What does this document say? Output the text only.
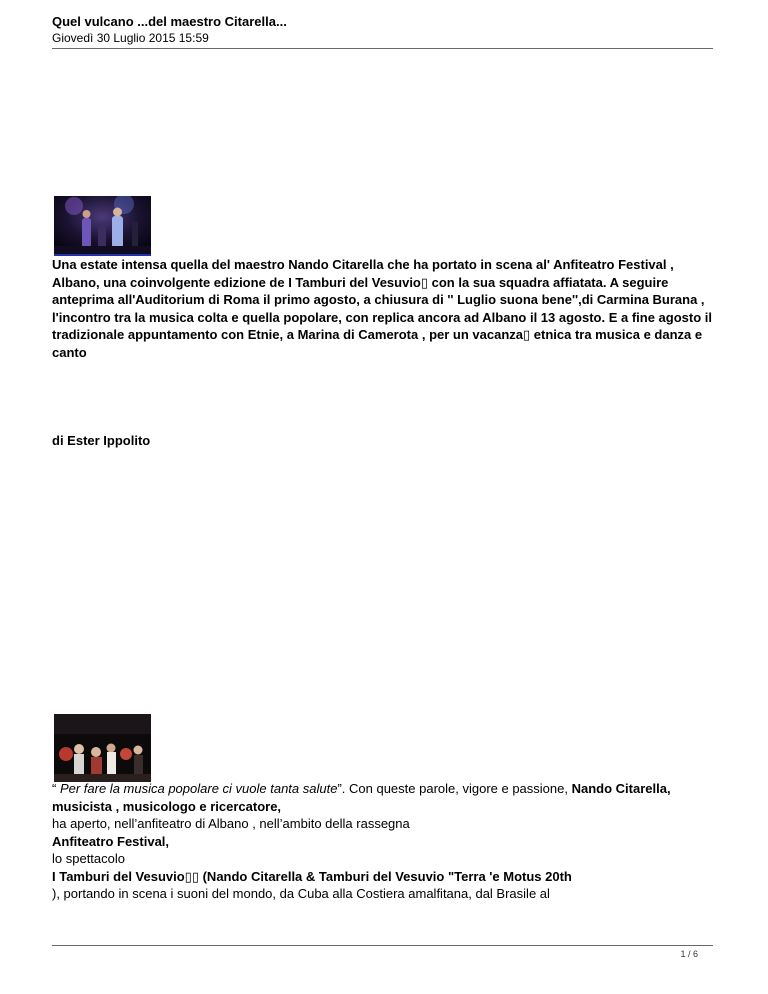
Quel vulcano ...del maestro Citarella...
Giovedì 30 Luglio 2015 15:59
Una estate intensa quella del maestro Nando Citarella che ha portato in scena al' Anfiteatro Festival , Albano, una coinvolgente edizione de I Tamburi del Vesuvio▯ con la sua squadra affiatata. A seguire anteprima all'Auditorium di Roma il primo agosto, a chiusura di '' Luglio suona bene'',di Carmina Burana , l'incontro tra la musica colta e quella popolare, con replica ancora ad Albano il 13 agosto. E a fine agosto il tradizionale appuntamento con Etnie, a Marina di Camerota , per un vacanza▯ etnica tra musica e danza e canto
di Ester Ippolito
“ Per fare la musica popolare ci vuole tanta salute”. Con queste parole, vigore e passione, Nando Citarella, musicista , musicologo e ricercatore,
ha aperto, nell’anfiteatro di Albano , nell’ambito della rassegna
Anfiteatro Festival,
lo spettacolo
I Tamburi del Vesuvio▯▯ (Nando Citarella & Tamburi del Vesuvio "Terra 'e Motus 20th
), portando in scena i suoni del mondo, da Cuba alla Costiera amalfitana, dal Brasile al
1 / 6
